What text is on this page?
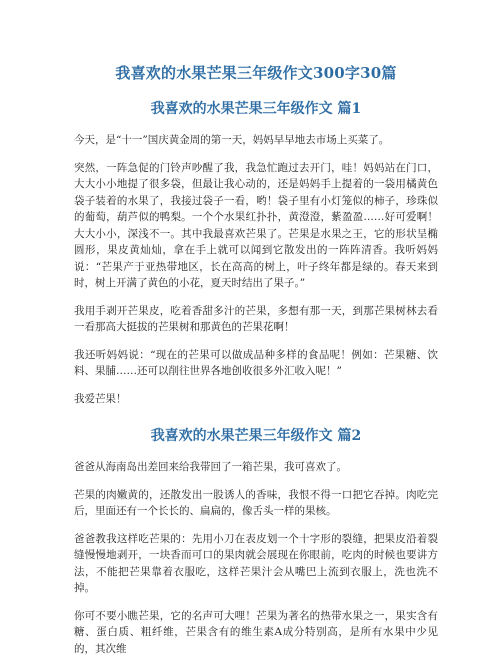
我喜欢的水果芒果三年级作文300字30篇
我喜欢的水果芒果三年级作文 篇1

今天，是“十一”国庆黄金周的第一天，妈妈早早地去市场上买菜了。

突然，一阵急促的门铃声吵醒了我，我急忙跑过去开门，哇！妈妈站在门口，大大小小地提了很多袋，但最让我心动的，还是妈妈手上提着的一袋用橘黄色袋子装着的水果了，我接过袋子一看，哟！袋子里有小灯笼似的柿子，珍珠似的葡萄，葫芦似的鸭梨。一个个水果红扑扑，黄澄澄，紫盈盈……好可爱啊！大大小小，深浅不一。其中我最喜欢芒果了。芒果是水果之王，它的形状呈椭圆形，果皮黄灿灿，拿在手上就可以闻到它散发出的一阵阵清香。我听妈妈说：“芒果产于亚热带地区，长在高高的树上，叶子终年都是绿的。春天来到时，树上开满了黄色的小花，夏天时结出了果子。”

我用手剥开芒果皮，吃着香甜多汁的芒果，多想有那一天，到那芒果树林去看一看那高大挺拔的芒果树和那黄色的芒果花啊！

我还听妈妈说：“现在的芒果可以做成品种多样的食品呢！例如：芒果糖、饮料、果脯……还可以削往世界各地创收很多外汇收入呢！”

我爱芒果！

我喜欢的水果芒果三年级作文 篇2

爸爸从海南岛出差回来给我带回了一箱芒果，我可喜欢了。

芒果的肉嫩黄的，还散发出一股诱人的香味，我恨不得一口把它吞掉。肉吃完后，里面还有一个长长的、扁扁的，像舌头一样的果核。

爸爸教我这样吃芒果的：先用小刀在表皮划一个十字形的裂缝，把果皮沿着裂缝慢慢地剥开，一块香而可口的果肉就会展现在你眼前，吃肉的时候也要讲方法，不能把芒果靠着衣服吃，这样芒果汁会从嘴巴上流到衣服上，洗也洗不掉。

你可不要小瞧芒果，它的名声可大哩！芒果为著名的热带水果之一，果实含有糖、蛋白质、粗纤维，芒果含有的维生素A成分特别高，是所有水果中少见的，其次维
